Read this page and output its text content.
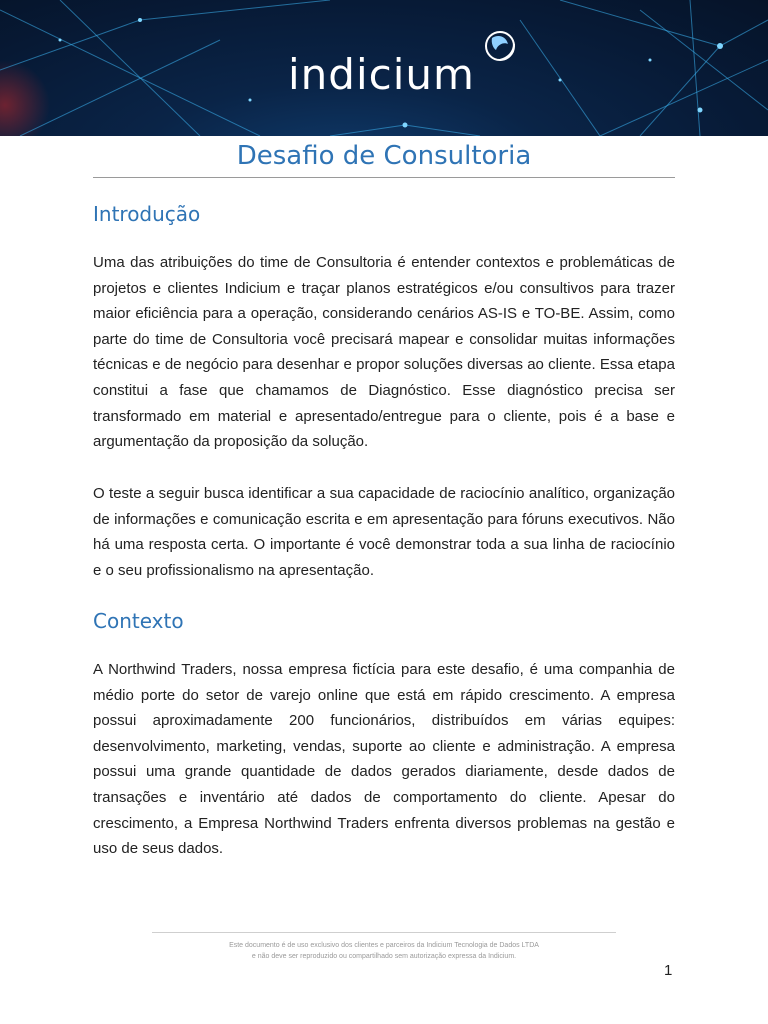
indicium
Desafio de Consultoria
Introdução

Uma das atribuições do time de Consultoria é entender contextos e problemáticas de projetos e clientes Indicium e traçar planos estratégicos e/ou consultivos para trazer maior eficiência para a operação, considerando cenários AS-IS e TO-BE. Assim, como parte do time de Consultoria você precisará mapear e consolidar muitas informações técnicas e de negócio para desenhar e propor soluções diversas ao cliente. Essa etapa constitui a fase que chamamos de Diagnóstico. Esse diagnóstico precisa ser transformado em material e apresentado/entregue para o cliente, pois é a base e argumentação da proposição da solução.

O teste a seguir busca identificar a sua capacidade de raciocínio analítico, organização de informações e comunicação escrita e em apresentação para fóruns executivos. Não há uma resposta certa. O importante é você demonstrar toda a sua linha de raciocínio e o seu profissionalismo na apresentação.

Contexto

A Northwind Traders, nossa empresa fictícia para este desafio, é uma companhia de médio porte do setor de varejo online que está em rápido crescimento. A empresa possui aproximadamente 200 funcionários, distribuídos em várias equipes: desenvolvimento, marketing, vendas, suporte ao cliente e administração. A empresa possui uma grande quantidade de dados gerados diariamente, desde dados de transações e inventário até dados de comportamento do cliente. Apesar do crescimento, a Empresa Northwind Traders enfrenta diversos problemas na gestão e uso de seus dados.

Este documento é de uso exclusivo dos clientes e parceiros da Indicium Tecnologia de Dados LTDA
e não deve ser reproduzido ou compartilhado sem autorização expressa da Indicium.
1
